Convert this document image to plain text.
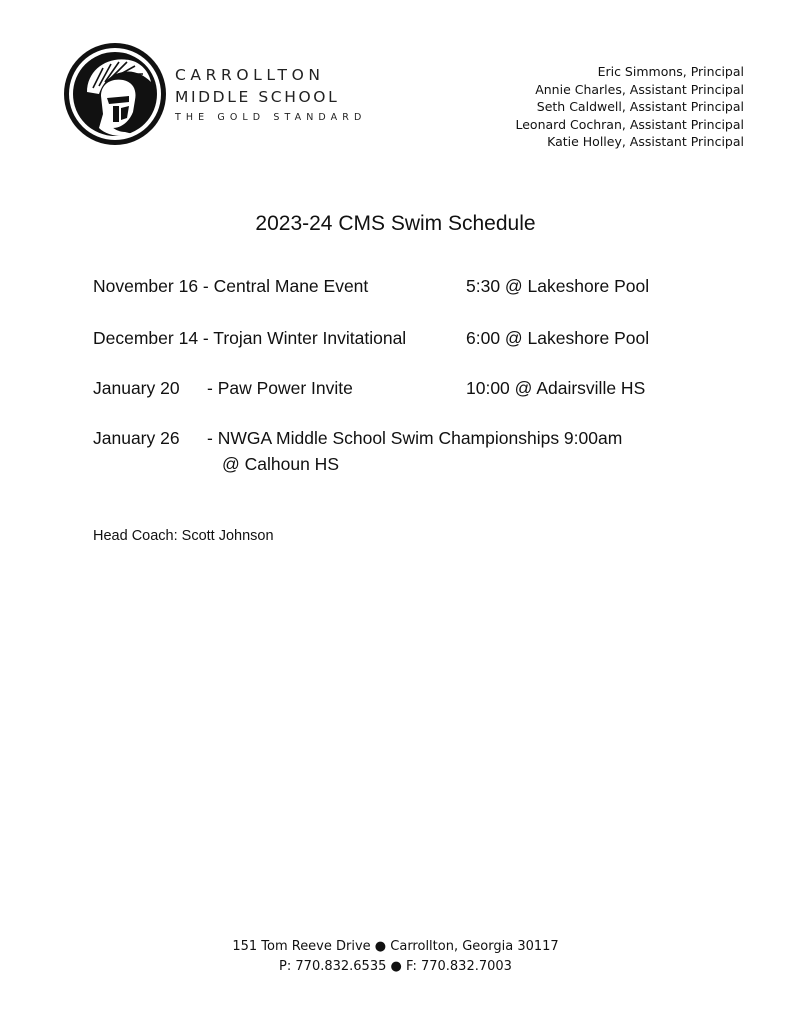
CARROLLTON
MIDDLE SCHOOL
THE GOLD STANDARD
Eric Simmons, Principal
Annie Charles, Assistant Principal
Seth Caldwell, Assistant Principal
Leonard Cochran, Assistant Principal
Katie Holley, Assistant Principal
2023-24 CMS Swim Schedule
November 16 - Central Mane Event	5:30 @ Lakeshore Pool
December 14 - Trojan Winter Invitational	6:00 @ Lakeshore Pool
January 20 - Paw Power Invite	10:00 @ Adairsville HS
January 26 - NWGA Middle School Swim Championships 9:00am
@ Calhoun HS
Head Coach: Scott Johnson
151 Tom Reeve Drive ● Carrollton, Georgia 30117
P: 770.832.6535 ● F: 770.832.7003
